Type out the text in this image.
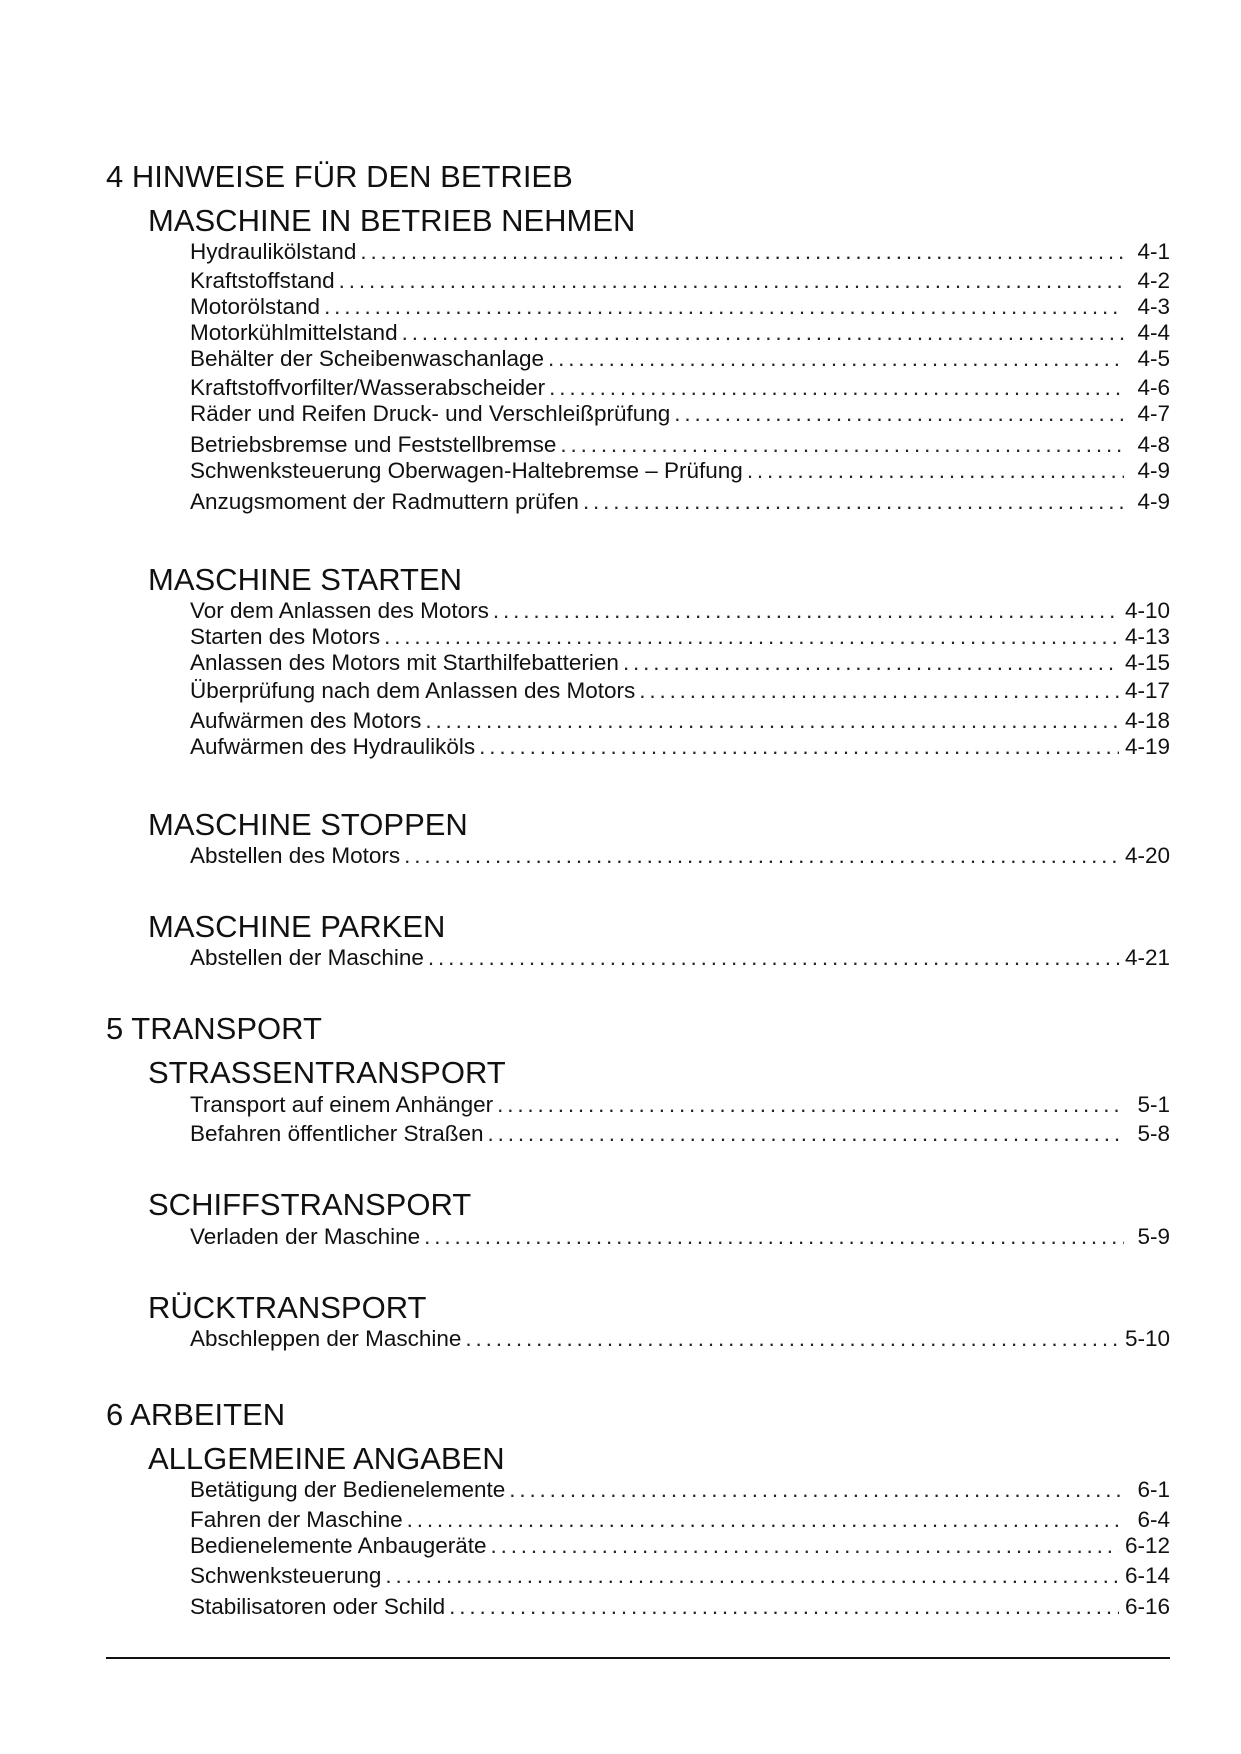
4 HINWEISE FÜR DEN BETRIEB
MASCHINE IN BETRIEB NEHMEN
Hydraulikölstand . . .	4-1
Kraftstoffstand . . .	4-2
Motorölstand . . .	4-3
Motorkühlmittelstand . . .	4-4
Behälter der Scheibenwaschanlage . . .	4-5
Kraftstoffvorfilter/Wasserabscheider . . .	4-6
Räder und Reifen Druck- und Verschleißprüfung . . .	4-7
Betriebsbremse und Feststellbremse . . .	4-8
Schwenksteuerung Oberwagen-Haltebremse – Prüfung . . .	4-9
Anzugsmoment der Radmuttern prüfen . . .	4-9
MASCHINE STARTEN
Vor dem Anlassen des Motors . . .	4-10
Starten des Motors . . .	4-13
Anlassen des Motors mit Starthilfebatterien . . .	4-15
Überprüfung nach dem Anlassen des Motors . . .	4-17
Aufwärmen des Motors . . .	4-18
Aufwärmen des Hydrauliköls . . .	4-19
MASCHINE STOPPEN
Abstellen des Motors . . .	4-20
MASCHINE PARKEN
Abstellen der Maschine . . .	4-21
5 TRANSPORT
STRASSENTRANSPORT
Transport auf einem Anhänger . . .	5-1
Befahren öffentlicher Straßen . . .	5-8
SCHIFFSTRANSPORT
Verladen der Maschine . . .	5-9
RÜCKTRANSPORT
Abschleppen der Maschine . . .	5-10
6 ARBEITEN
ALLGEMEINE ANGABEN
Betätigung der Bedienelemente . . .	6-1
Fahren der Maschine . . .	6-4
Bedienelemente Anbaugeräte . . .	6-12
Schwenksteuerung . . .	6-14
Stabilisatoren oder Schild . . .	6-16
